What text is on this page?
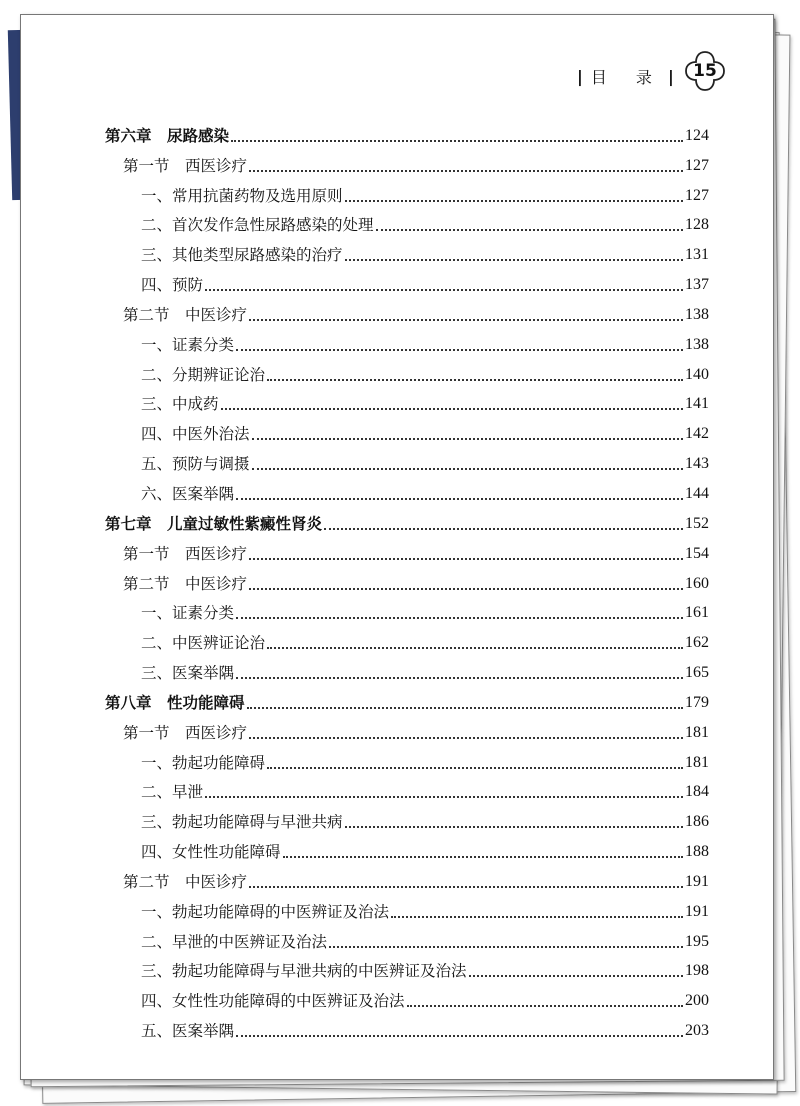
| 目 录 |	15
第六章　尿路感染	124
第一节　西医诊疗	127
一、常用抗菌药物及选用原则	127
二、首次发作急性尿路感染的处理	128
三、其他类型尿路感染的治疗	131
四、预防	137
第二节　中医诊疗	138
一、证素分类	138
二、分期辨证论治	140
三、中成药	141
四、中医外治法	142
五、预防与调摄	143
六、医案举隅	144
第七章　儿童过敏性紫癜性肾炎	152
第一节　西医诊疗	154
第二节　中医诊疗	160
一、证素分类	161
二、中医辨证论治	162
三、医案举隅	165
第八章　性功能障碍	179
第一节　西医诊疗	181
一、勃起功能障碍	181
二、早泄	184
三、勃起功能障碍与早泄共病	186
四、女性性功能障碍	188
第二节　中医诊疗	191
一、勃起功能障碍的中医辨证及治法	191
二、早泄的中医辨证及治法	195
三、勃起功能障碍与早泄共病的中医辨证及治法	198
四、女性性功能障碍的中医辨证及治法	200
五、医案举隅	203
